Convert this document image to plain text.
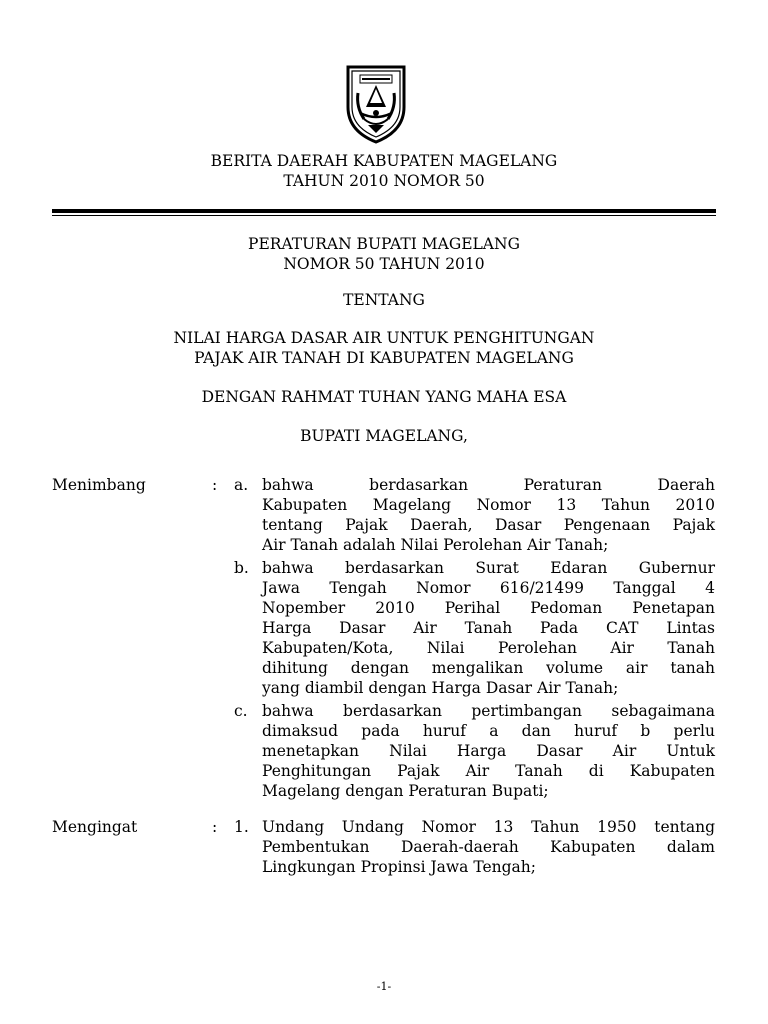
BERITA DAERAH KABUPATEN MAGELANG
TAHUN 2010 NOMOR 50
PERATURAN BUPATI MAGELANG
NOMOR 50 TAHUN 2010
TENTANG
NILAI HARGA DASAR AIR UNTUK PENGHITUNGAN
PAJAK AIR TANAH DI KABUPATEN MAGELANG
DENGAN RAHMAT TUHAN YANG MAHA ESA
BUPATI MAGELANG,
Menimbang	: a. bahwa berdasarkan Peraturan Daerah
Kabupaten Magelang Nomor 13 Tahun 2010
tentang Pajak Daerah, Dasar Pengenaan Pajak
Air Tanah adalah Nilai Perolehan Air Tanah;
b. bahwa berdasarkan Surat Edaran Gubernur
Jawa Tengah Nomor 616/21499 Tanggal 4
Nopember 2010 Perihal Pedoman Penetapan
Harga Dasar Air Tanah Pada CAT Lintas
Kabupaten/Kota, Nilai Perolehan Air Tanah
dihitung dengan mengalikan volume air tanah
yang diambil dengan Harga Dasar Air Tanah;
c. bahwa berdasarkan pertimbangan sebagaimana
dimaksud pada huruf a dan huruf b perlu
menetapkan Nilai Harga Dasar Air Untuk
Penghitungan Pajak Air Tanah di Kabupaten
Magelang dengan Peraturan Bupati;
Mengingat	: 1. Undang Undang Nomor 13 Tahun 1950 tentang
Pembentukan Daerah-daerah Kabupaten dalam
Lingkungan Propinsi Jawa Tengah;
-1-
